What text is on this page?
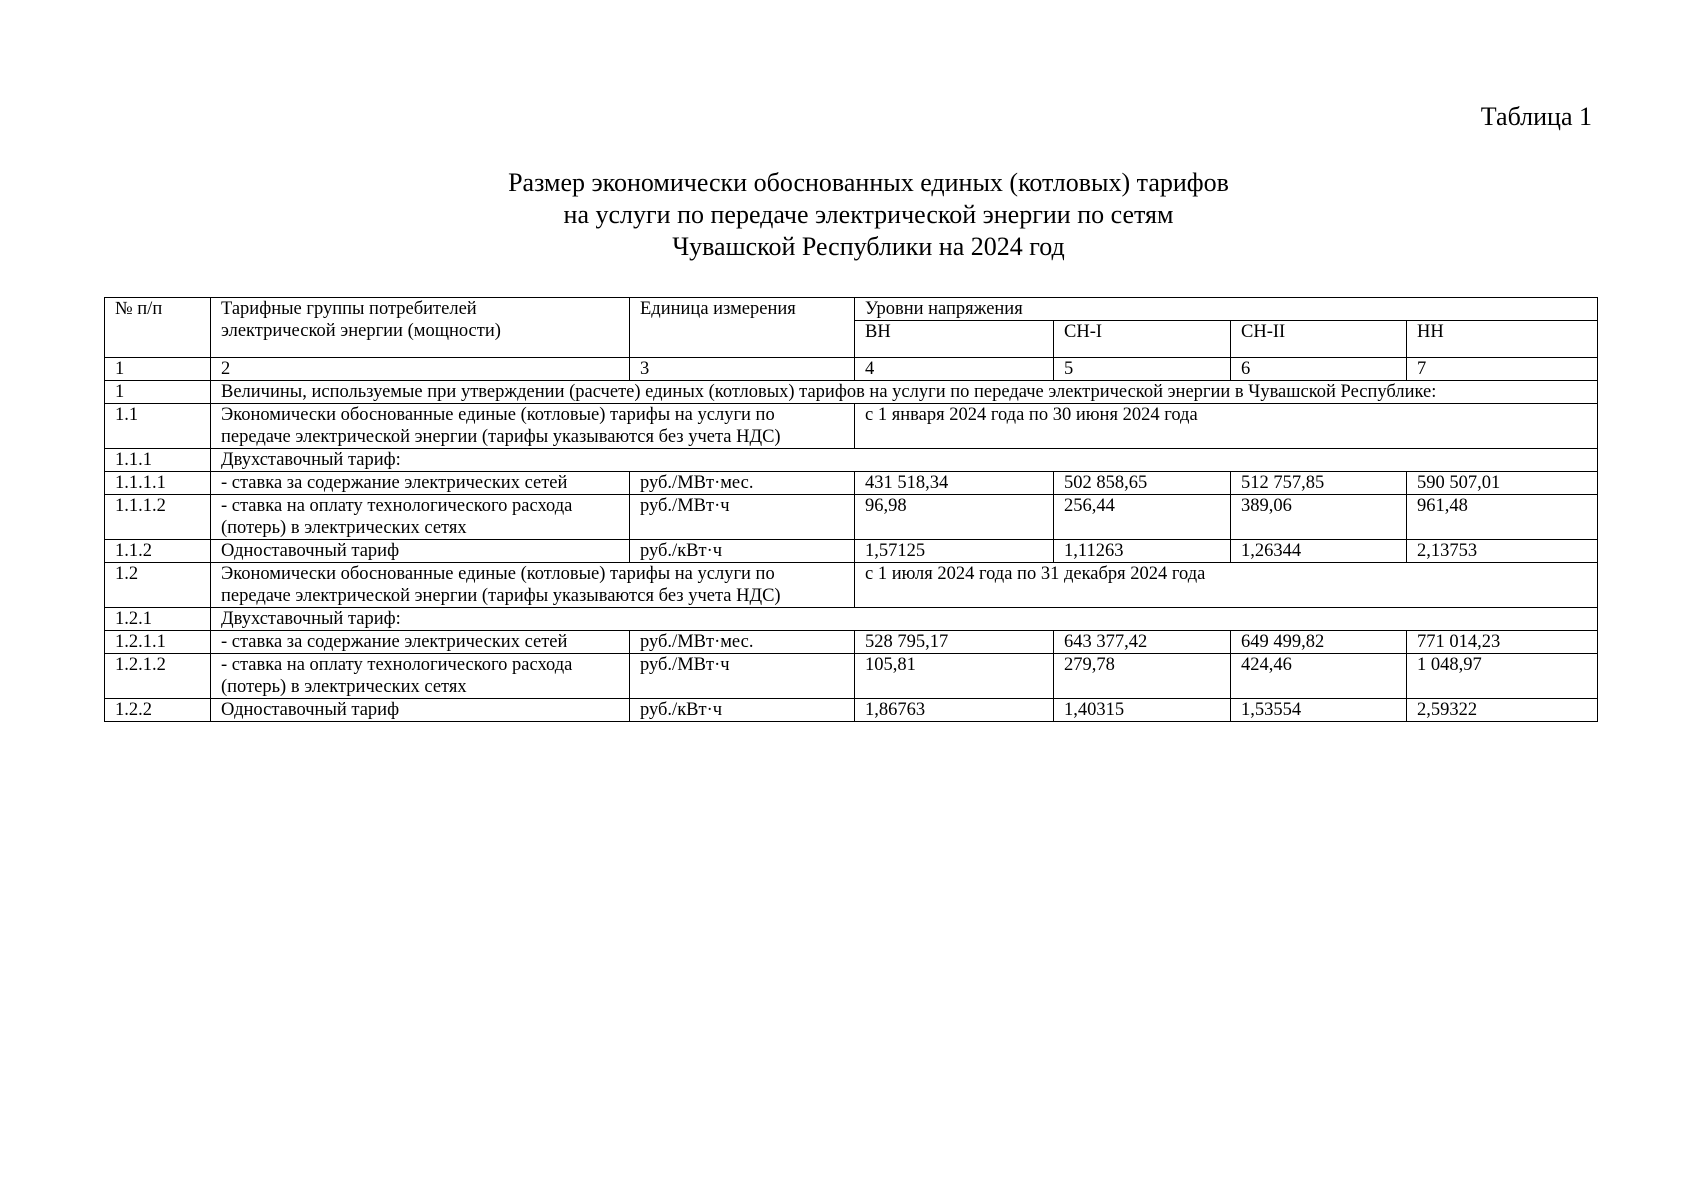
Таблица 1
Размер экономически обоснованных единых (котловых) тарифов
на услуги по передаче электрической энергии по сетям
Чувашской Республики на 2024 год
№ п/п	Тарифные группы потребителей
электрической энергии (мощности)	Единица измерения	Уровни напряжения			
			ВН	СН-I	СН-II	НН
1	2	3	4	5	6	7
1	Величины, используемые при утверждении (расчете) единых (котловых) тарифов на услуги по передаче электрической энергии в Чувашской Республике:					
1.1	Экономически обоснованные единые (котловые) тарифы на услуги по
передаче электрической энергии (тарифы указываются без учета НДС)		с 1 января 2024 года по 30 июня 2024 года			
1.1.1	Двухставочный тариф:					
1.1.1.1	- ставка за содержание электрических сетей	руб./МВт·мес.	431 518,34	502 858,65	512 757,85	590 507,01
1.1.1.2	- ставка на оплату технологического расхода
(потерь) в электрических сетях	руб./МВт·ч	96,98	256,44	389,06	961,48
1.1.2	Одноставочный тариф	руб./кВт·ч	1,57125	1,11263	1,26344	2,13753
1.2	Экономически обоснованные единые (котловые) тарифы на услуги по
передаче электрической энергии (тарифы указываются без учета НДС)		с 1 июля 2024 года по 31 декабря 2024 года			
1.2.1	Двухставочный тариф:					
1.2.1.1	- ставка за содержание электрических сетей	руб./МВт·мес.	528 795,17	643 377,42	649 499,82	771 014,23
1.2.1.2	- ставка на оплату технологического расхода
(потерь) в электрических сетях	руб./МВт·ч	105,81	279,78	424,46	1 048,97
1.2.2	Одноставочный тариф	руб./кВт·ч	1,86763	1,40315	1,53554	2,59322
